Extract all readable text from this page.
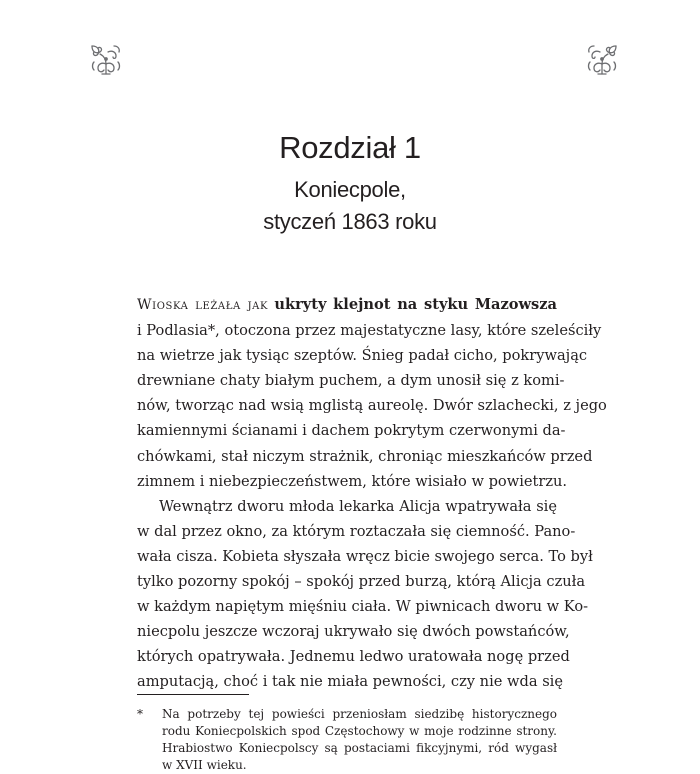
Rozdział 1
Koniecpole,
styczeń 1863 roku

Wioska leżała jak ukryty klejnot na styku Mazowsza
i Podlasia*, otoczona przez majestatyczne lasy, które szeleściły
na wietrze jak tysiąc szeptów. Śnieg padał cicho, pokrywając
drewniane chaty białym puchem, a dym unosił się z komi-
nów, tworząc nad wsią mglistą aureolę. Dwór szlachecki, z jego
kamiennymi ścianami i dachem pokrytym czerwonymi da-
chówkami, stał niczym strażnik, chroniąc mieszkańców przed
zimnem i niebezpieczeństwem, które wisiało w powietrzu.

Wewnątrz dworu młoda lekarka Alicja wpatrywała się
w dal przez okno, za którym roztaczała się ciemność. Pano-
wała cisza. Kobieta słyszała wręcz bicie swojego serca. To był
tylko pozorny spokój – spokój przed burzą, którą Alicja czuła
w każdym napiętym mięśniu ciała. W piwnicach dworu w Ko-
niecpolu jeszcze wczoraj ukrywało się dwóch powstańców,
których opatrywała. Jednemu ledwo uratowała nogę przed
amputacją, choć i tak nie miała pewności, czy nie wda się

* Na potrzeby tej powieści przeniosłam siedzibę historycznego
rodu Koniecpolskich spod Częstochowy w moje rodzinne strony.
Hrabiostwo Koniecpolscy są postaciami fikcyjnymi, ród wygasł
w XVII wieku.
